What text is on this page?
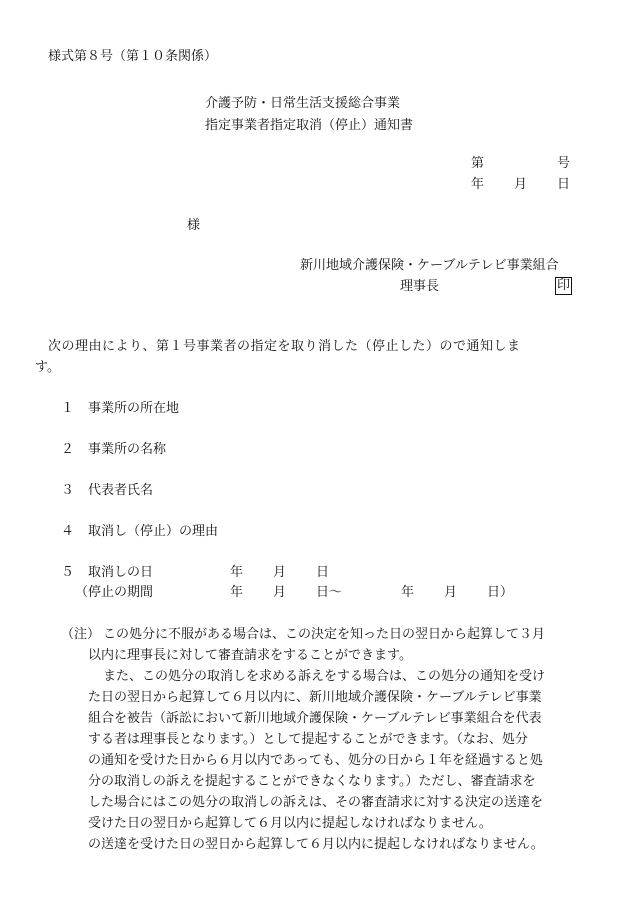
様式第８号（第１０条関係）
介護予防・日常生活支援総合事業
指定事業者指定取消（停止）通知書
第	号
年 月 日
様
新川地域介護保険・ケーブルテレビ事業組合
理事長	印
次の理由により、第１号事業者の指定を取り消した（停止した）ので通知しま
す。
１ 事業所の所在地
２ 事業所の名称
３ 代表者氏名
４ 取消し（停止）の理由
５ 取消しの日	年 月 日
（停止の期間	年 月 日～	年 月 日）
（注） この処分に不服がある場合は、この決定を知った日の翌日から起算して３月
以内に理事長に対して審査請求をすることができます。
また、この処分の取消しを求める訴えをする場合は、この処分の通知を受け
た日の翌日から起算して６月以内に、新川地域介護保険・ケーブルテレビ事業
組合を被告（訴訟において新川地域介護保険・ケーブルテレビ事業組合を代表
する者は理事長となります。）として提起することができます。（なお、処分
の通知を受けた日から６月以内であっても、処分の日から１年を経過すると処
分の取消しの訴えを提起することができなくなります。）ただし、審査請求を
した場合にはこの処分の取消しの訴えは、その審査請求に対する決定の送達を
受けた日の翌日から起算して６月以内に提起しなければなりません。
の送達を受けた日の翌日から起算して６月以内に提起しなければなりません。
